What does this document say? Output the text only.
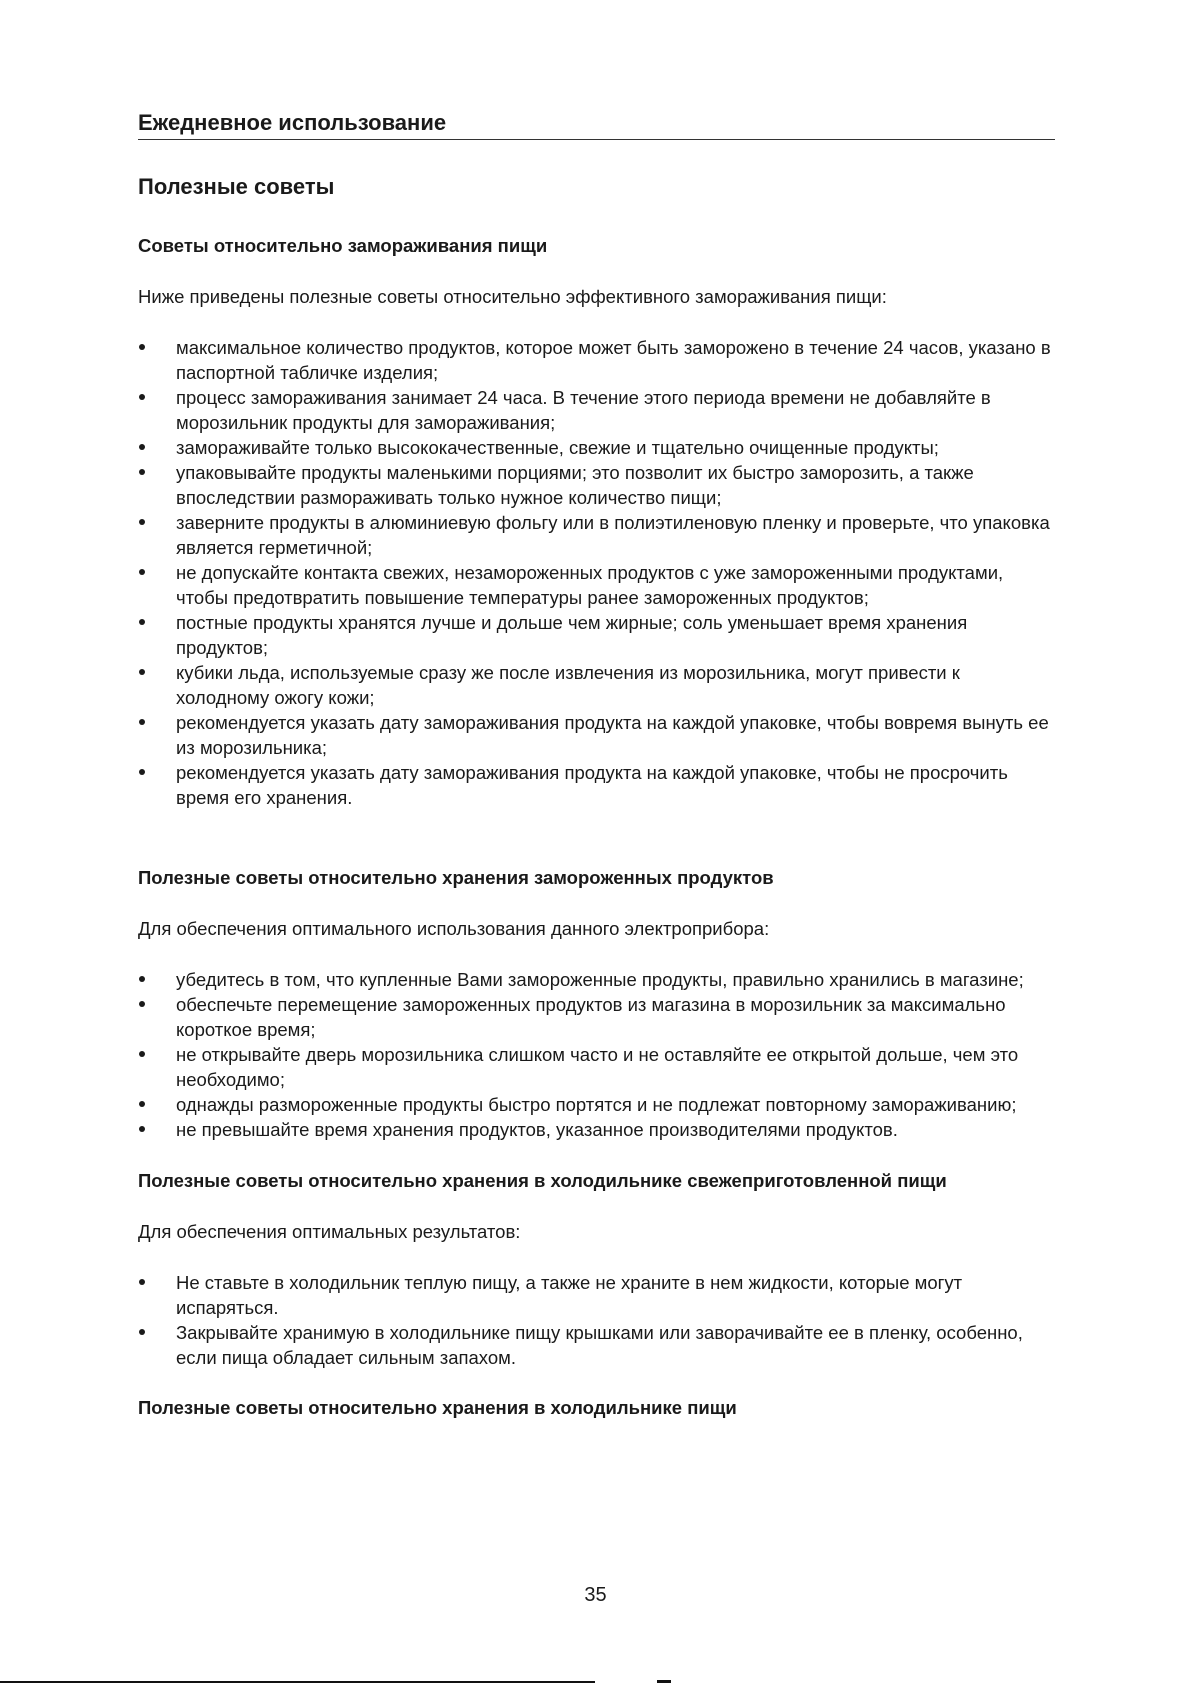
Ежедневное использование
Полезные советы
Советы относительно замораживания пищи
Ниже приведены полезные советы относительно эффективного замораживания пищи:
максимальное количество продуктов, которое может быть заморожено в течение 24 часов, указано в паспортной табличке изделия;
процесс замораживания занимает 24 часа. В течение этого периода времени не добавляйте в морозильник продукты для замораживания;
замораживайте только высококачественные, свежие и тщательно очищенные продукты;
упаковывайте продукты маленькими порциями; это позволит их быстро заморозить, а также впоследствии размораживать только нужное количество пищи;
заверните продукты в алюминиевую фольгу или в полиэтиленовую пленку и проверьте, что упаковка является герметичной;
не допускайте контакта свежих, незамороженных продуктов с уже замороженными продуктами, чтобы предотвратить повышение температуры ранее замороженных продуктов;
постные продукты хранятся лучше и дольше чем жирные; соль уменьшает время хранения продуктов;
кубики льда, используемые сразу же после извлечения из морозильника, могут привести к холодному ожогу кожи;
рекомендуется указать дату замораживания продукта на каждой упаковке, чтобы вовремя вынуть ее из морозильника;
рекомендуется указать дату замораживания продукта на каждой упаковке, чтобы не просрочить время его хранения.
Полезные советы относительно хранения замороженных продуктов
Для обеспечения оптимального использования данного электроприбора:
убедитесь в том, что купленные Вами замороженные продукты, правильно хранились в магазине;
обеспечьте перемещение замороженных продуктов из магазина в морозильник за максимально короткое время;
не открывайте дверь морозильника слишком часто и не оставляйте ее открытой дольше, чем это необходимо;
однажды размороженные продукты быстро портятся и не подлежат повторному замораживанию;
не превышайте время хранения продуктов, указанное производителями продуктов.
Полезные советы относительно хранения в холодильнике свежеприготовленной пищи
Для обеспечения оптимальных результатов:
Не ставьте в холодильник теплую пищу, а также не храните в нем жидкости, которые могут испаряться.
Закрывайте хранимую в холодильнике пищу крышками или заворачивайте ее в пленку, особенно, если пища обладает сильным запахом.
Полезные советы относительно хранения в холодильнике пищи
35
